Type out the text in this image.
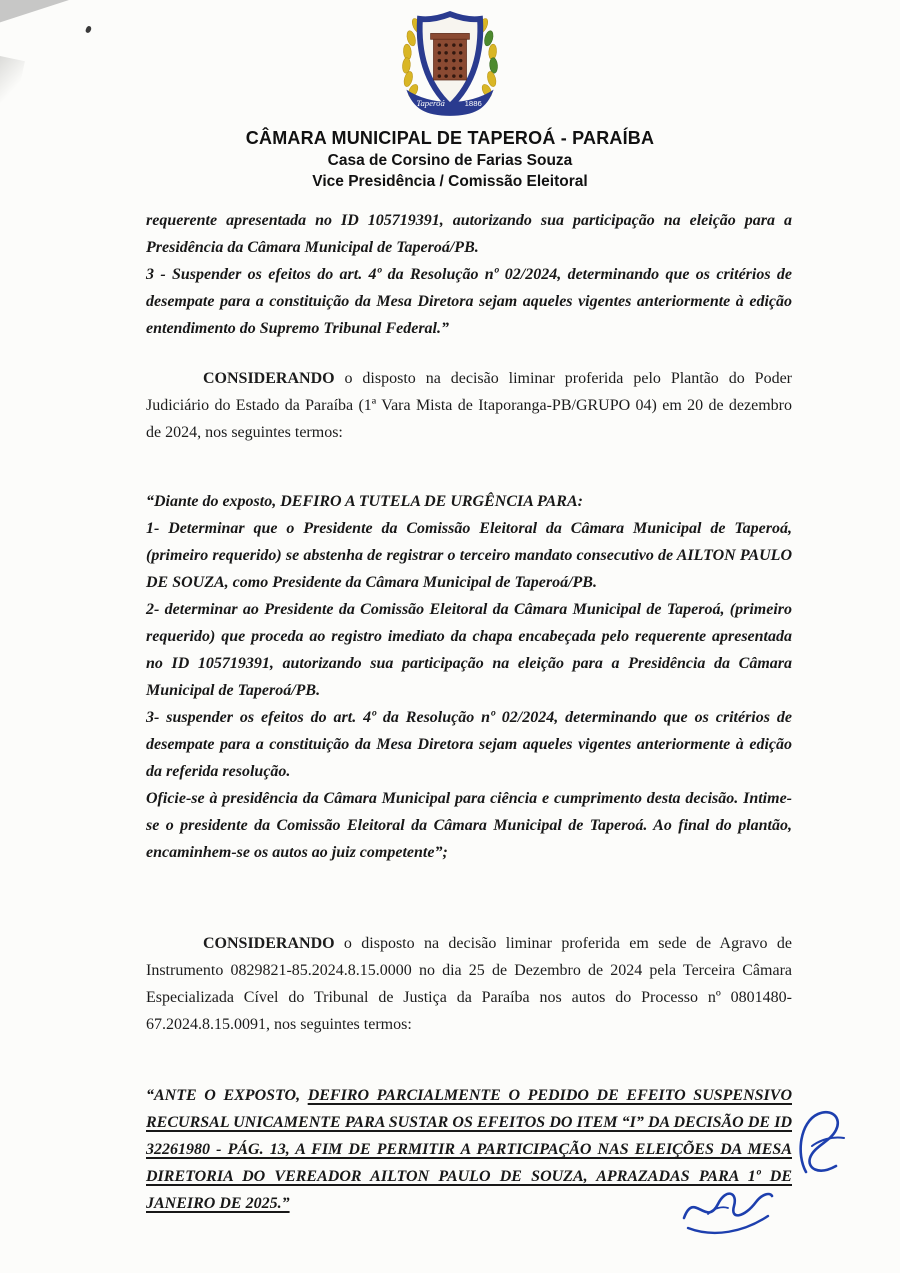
Taperoá 1886
CÂMARA MUNICIPAL DE TAPEROÁ - PARAÍBA
Casa de Corsino de Farias Souza
Vice Presidência / Comissão Eleitoral

requerente apresentada no ID 105719391, autorizando sua participação na eleição para a Presidência da Câmara Municipal de Taperoá/PB.

3 - Suspender os efeitos do art. 4º da Resolução nº 02/2024, determinando que os critérios de desempate para a constituição da Mesa Diretora sejam aqueles vigentes anteriormente à edição entendimento do Supremo Tribunal Federal.”

CONSIDERANDO o disposto na decisão liminar proferida pelo Plantão do Poder Judiciário do Estado da Paraíba (1ª Vara Mista de Itaporanga-PB/GRUPO 04) em 20 de dezembro de 2024, nos seguintes termos:

“Diante do exposto, DEFIRO A TUTELA DE URGÊNCIA PARA:

1- Determinar que o Presidente da Comissão Eleitoral da Câmara Municipal de Taperoá, (primeiro requerido) se abstenha de registrar o terceiro mandato consecutivo de AILTON PAULO DE SOUZA, como Presidente da Câmara Municipal de Taperoá/PB.

2- determinar ao Presidente da Comissão Eleitoral da Câmara Municipal de Taperoá, (primeiro requerido) que proceda ao registro imediato da chapa encabeçada pelo requerente apresentada no ID 105719391, autorizando sua participação na eleição para a Presidência da Câmara Municipal de Taperoá/PB.

3- suspender os efeitos do art. 4º da Resolução nº 02/2024, determinando que os critérios de desempate para a constituição da Mesa Diretora sejam aqueles vigentes anteriormente à edição da referida resolução.

Oficie-se à presidência da Câmara Municipal para ciência e cumprimento desta decisão. Intime-se o presidente da Comissão Eleitoral da Câmara Municipal de Taperoá. Ao final do plantão, encaminhem-se os autos ao juiz competente”;

CONSIDERANDO o disposto na decisão liminar proferida em sede de Agravo de Instrumento 0829821-85.2024.8.15.0000 no dia 25 de Dezembro de 2024 pela Terceira Câmara Especializada Cível do Tribunal de Justiça da Paraíba nos autos do Processo nº 0801480-67.2024.8.15.0091, nos seguintes termos:

“ANTE O EXPOSTO, DEFIRO PARCIALMENTE O PEDIDO DE EFEITO SUSPENSIVO RECURSAL UNICAMENTE PARA SUSTAR OS EFEITOS DO ITEM “I” DA DECISÃO DE ID 32261980 - PÁG. 13, A FIM DE PERMITIR A PARTICIPAÇÃO NAS ELEIÇÕES DA MESA DIRETORIA DO VEREADOR AILTON PAULO DE SOUZA, APRAZADAS PARA 1º DE JANEIRO DE 2025.”
